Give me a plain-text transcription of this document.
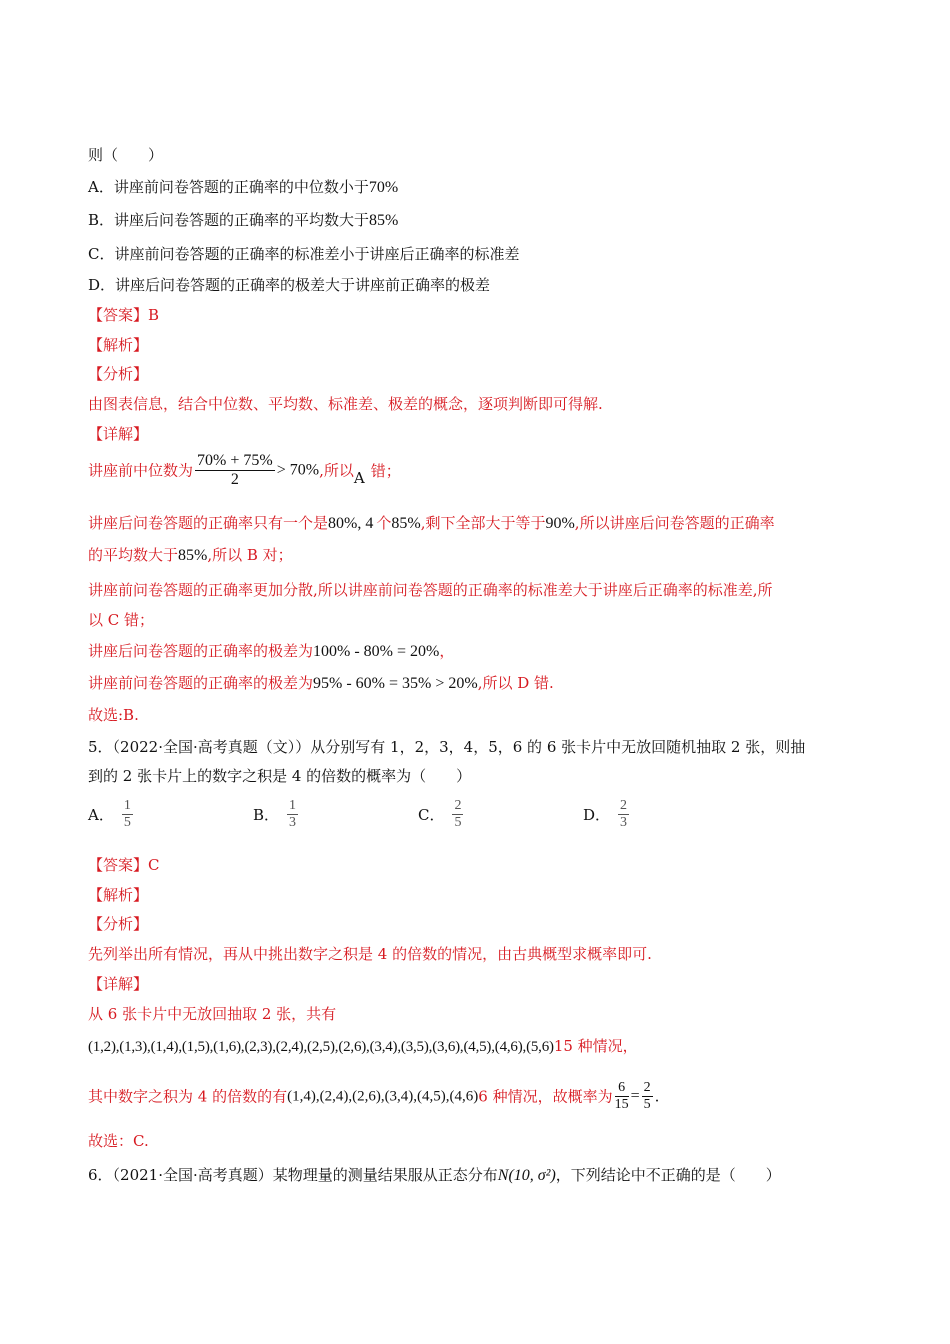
则（　　）
A．讲座前问卷答题的正确率的中位数小于70%
B．讲座后问卷答题的正确率的平均数大于85%
C．讲座前问卷答题的正确率的标准差小于讲座后正确率的标准差
D．讲座后问卷答题的正确率的极差大于讲座前正确率的极差
【答案】B
【解析】
【分析】
由图表信息，结合中位数、平均数、标准差、极差的概念，逐项判断即可得解.
【详解】
讲座前中位数为 $\frac{70\% + 75\%}{2} > 70\%$,所以A 错；
讲座后问卷答题的正确率只有一个是80%, 4 个85%,剩下全部大于等于90%,所以讲座后问卷答题的正确率
的平均数大于85%,所以 B 对；
讲座前问卷答题的正确率更加分散,所以讲座前问卷答题的正确率的标准差大于讲座后正确率的标准差,所
以 C 错；
讲座后问卷答题的正确率的极差为100% - 80% = 20%，
讲座前问卷答题的正确率的极差为95% - 60% = 35% > 20%,所以 D 错.
故选:B.
5．（2022·全国·高考真题（文））从分别写有 1，2，3，4，5，6 的 6 张卡片中无放回随机抽取 2 张，则抽
到的 2 张卡片上的数字之积是 4 的倍数的概率为（　　）
A． $\frac{1}{5}$	B． $\frac{1}{3}$	C． $\frac{2}{5}$	D． $\frac{2}{3}$
【答案】C
【解析】
【分析】
先列举出所有情况，再从中挑出数字之积是 4 的倍数的情况，由古典概型求概率即可.
【详解】
从 6 张卡片中无放回抽取 2 张，共有
(1,2),(1,3),(1,4),(1,5),(1,6),(2,3),(2,4),(2,5),(2,6),(3,4),(3,5),(3,6),(4,5),(4,6),(5,6)15 种情况，
其中数字之积为 4 的倍数的有(1,4),(2,4),(2,6),(3,4),(4,5),(4,6)6 种情况，故概率为 $\frac{6}{15} = \frac{2}{5}$ .
故选：C.
6．（2021·全国·高考真题）某物理量的测量结果服从正态分布N(10, σ²)，下列结论中不正确的是（　　）
